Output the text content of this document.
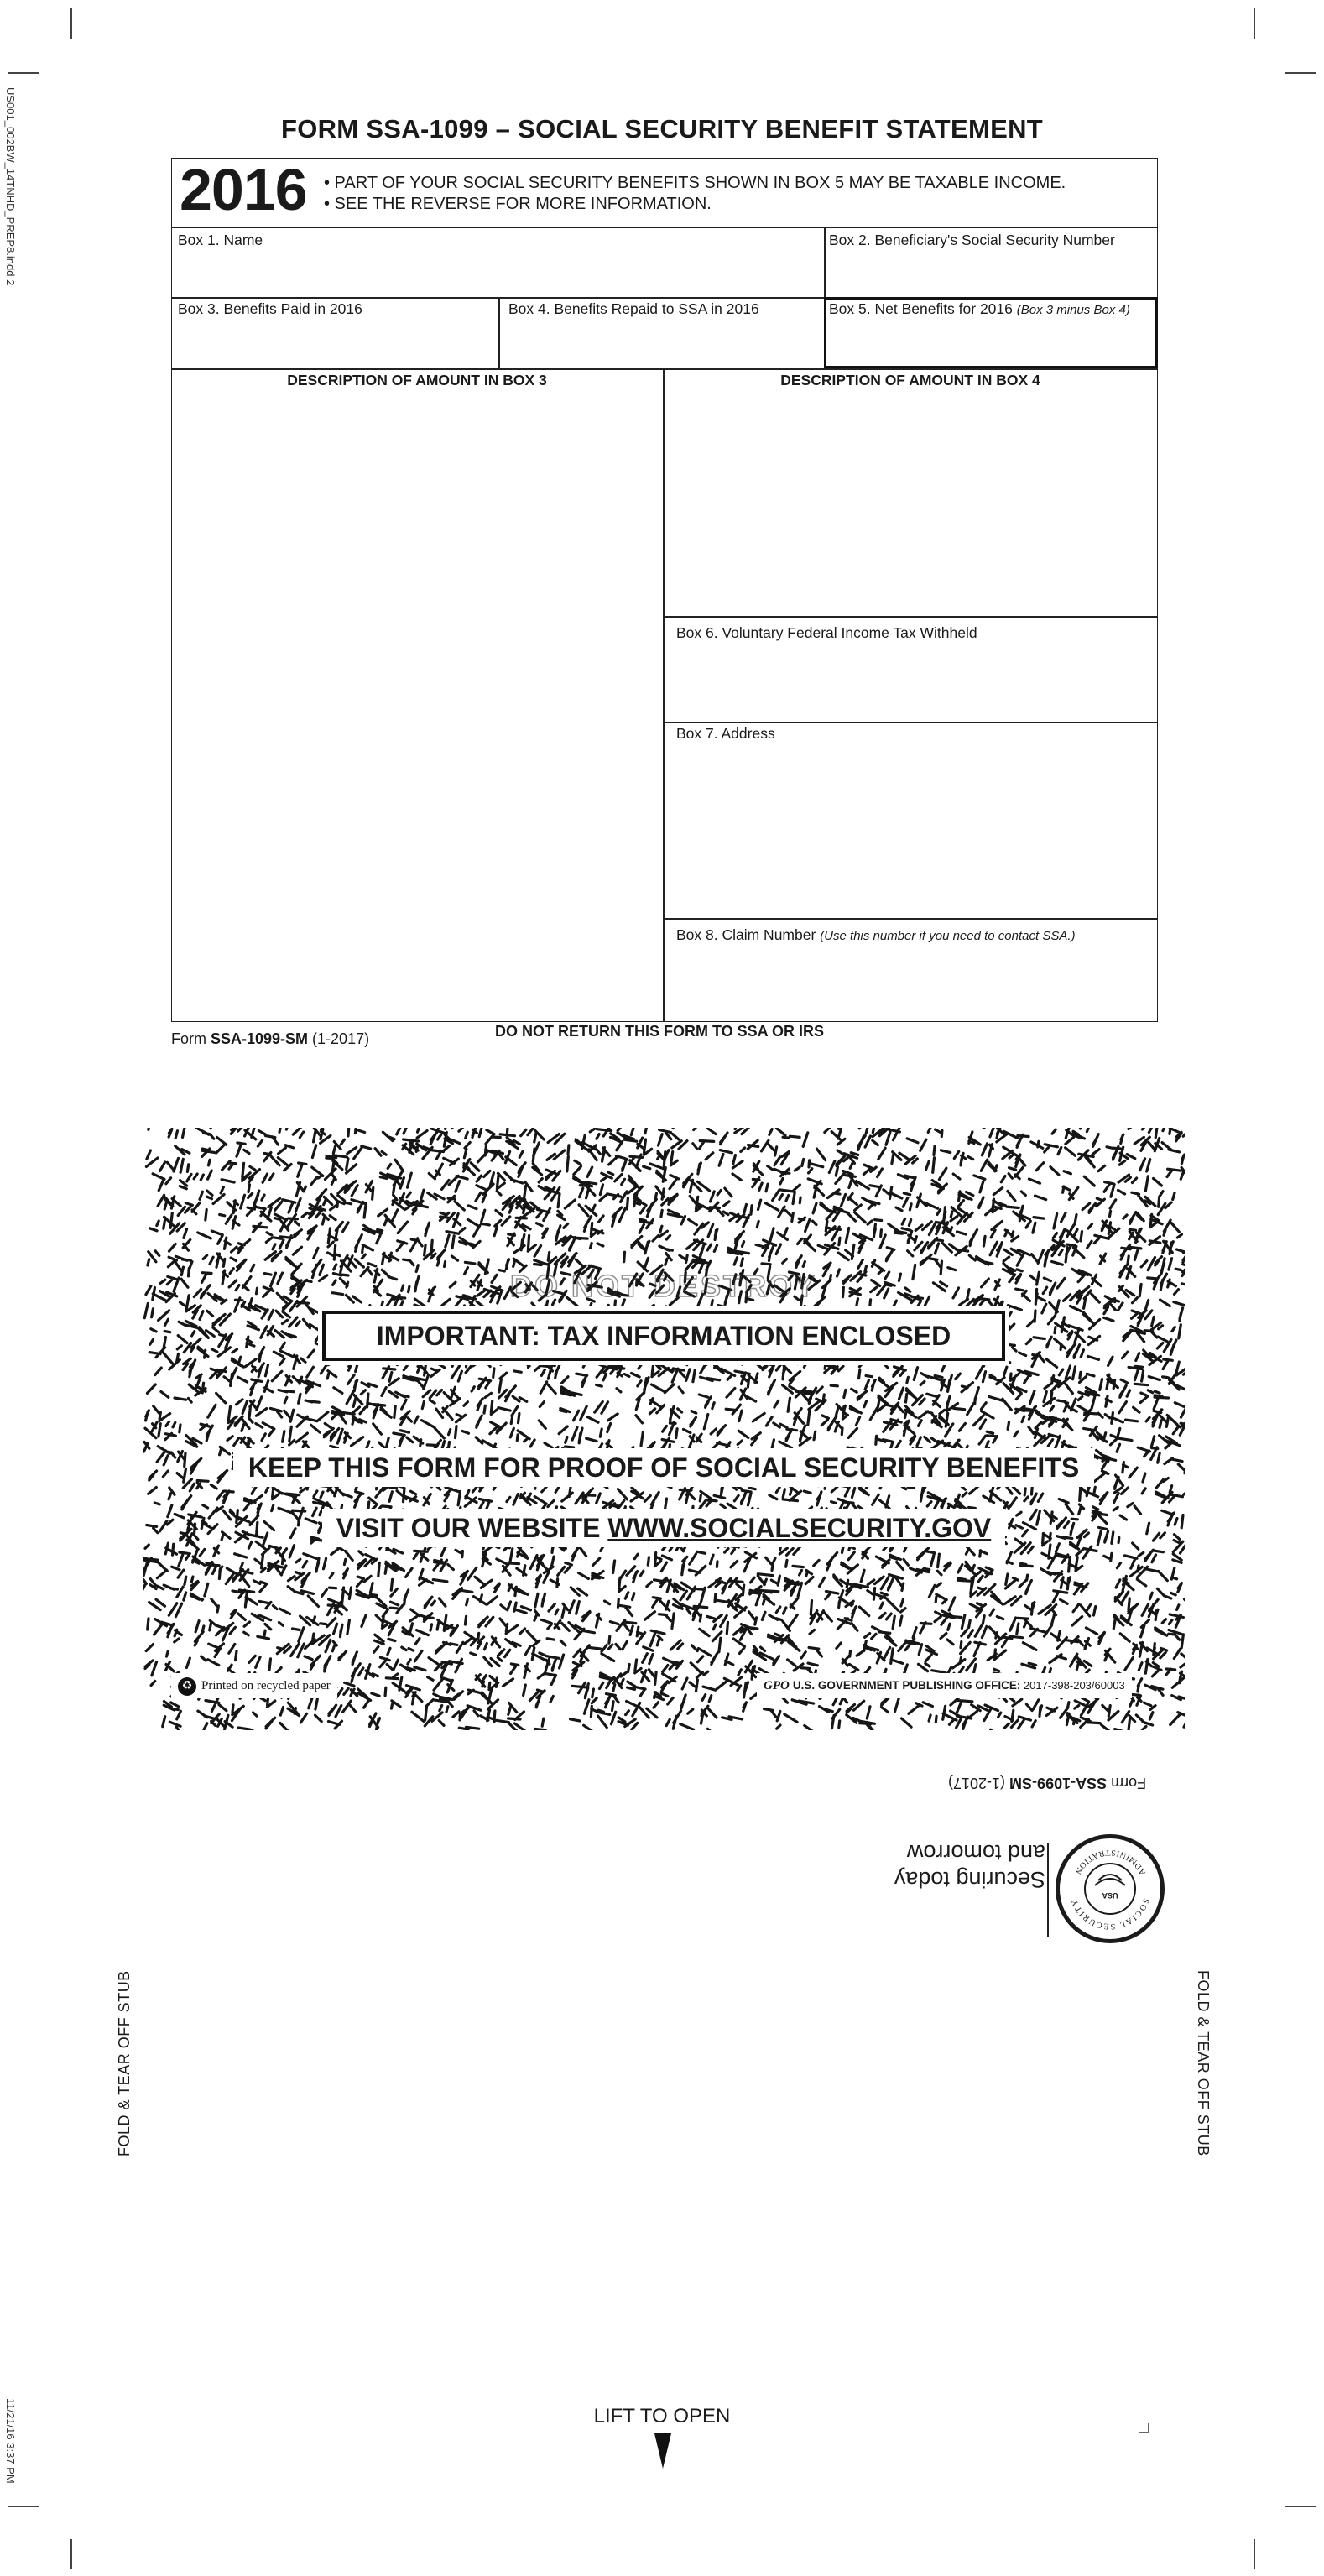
US001_002BW_14TNHD_PREP8.indd 2
11/21/16 3:37 PM
FORM SSA-1099 – SOCIAL SECURITY BENEFIT STATEMENT
2016 • PART OF YOUR SOCIAL SECURITY BENEFITS SHOWN IN BOX 5 MAY BE TAXABLE INCOME.
• SEE THE REVERSE FOR MORE INFORMATION.
Box 1. Name	Box 2. Beneficiary's Social Security Number
Box 3. Benefits Paid in 2016	Box 4. Benefits Repaid to SSA in 2016	Box 5. Net Benefits for 2016 (Box 3 minus Box 4)
DESCRIPTION OF AMOUNT IN BOX 3	DESCRIPTION OF AMOUNT IN BOX 4
Box 6. Voluntary Federal Income Tax Withheld
Box 7. Address
Box 8. Claim Number (Use this number if you need to contact SSA.)
Form SSA-1099-SM (1-2017)	DO NOT RETURN THIS FORM TO SSA OR IRS
DO NOT DESTROY
IMPORTANT: TAX INFORMATION ENCLOSED
KEEP THIS FORM FOR PROOF OF SOCIAL SECURITY BENEFITS
VISIT OUR WEBSITE WWW.SOCIALSECURITY.GOV
♻ Printed on recycled paper	GPO U.S. GOVERNMENT PUBLISHING OFFICE: 2017-398-203/60003
Form SSA-1099-SM (1-2017)
Securing today
and tomorrow
SOCIAL SECURITY
ADMINISTRATION
USA
FOLD & TEAR OFF STUB	FOLD & TEAR OFF STUB
LIFT TO OPEN
